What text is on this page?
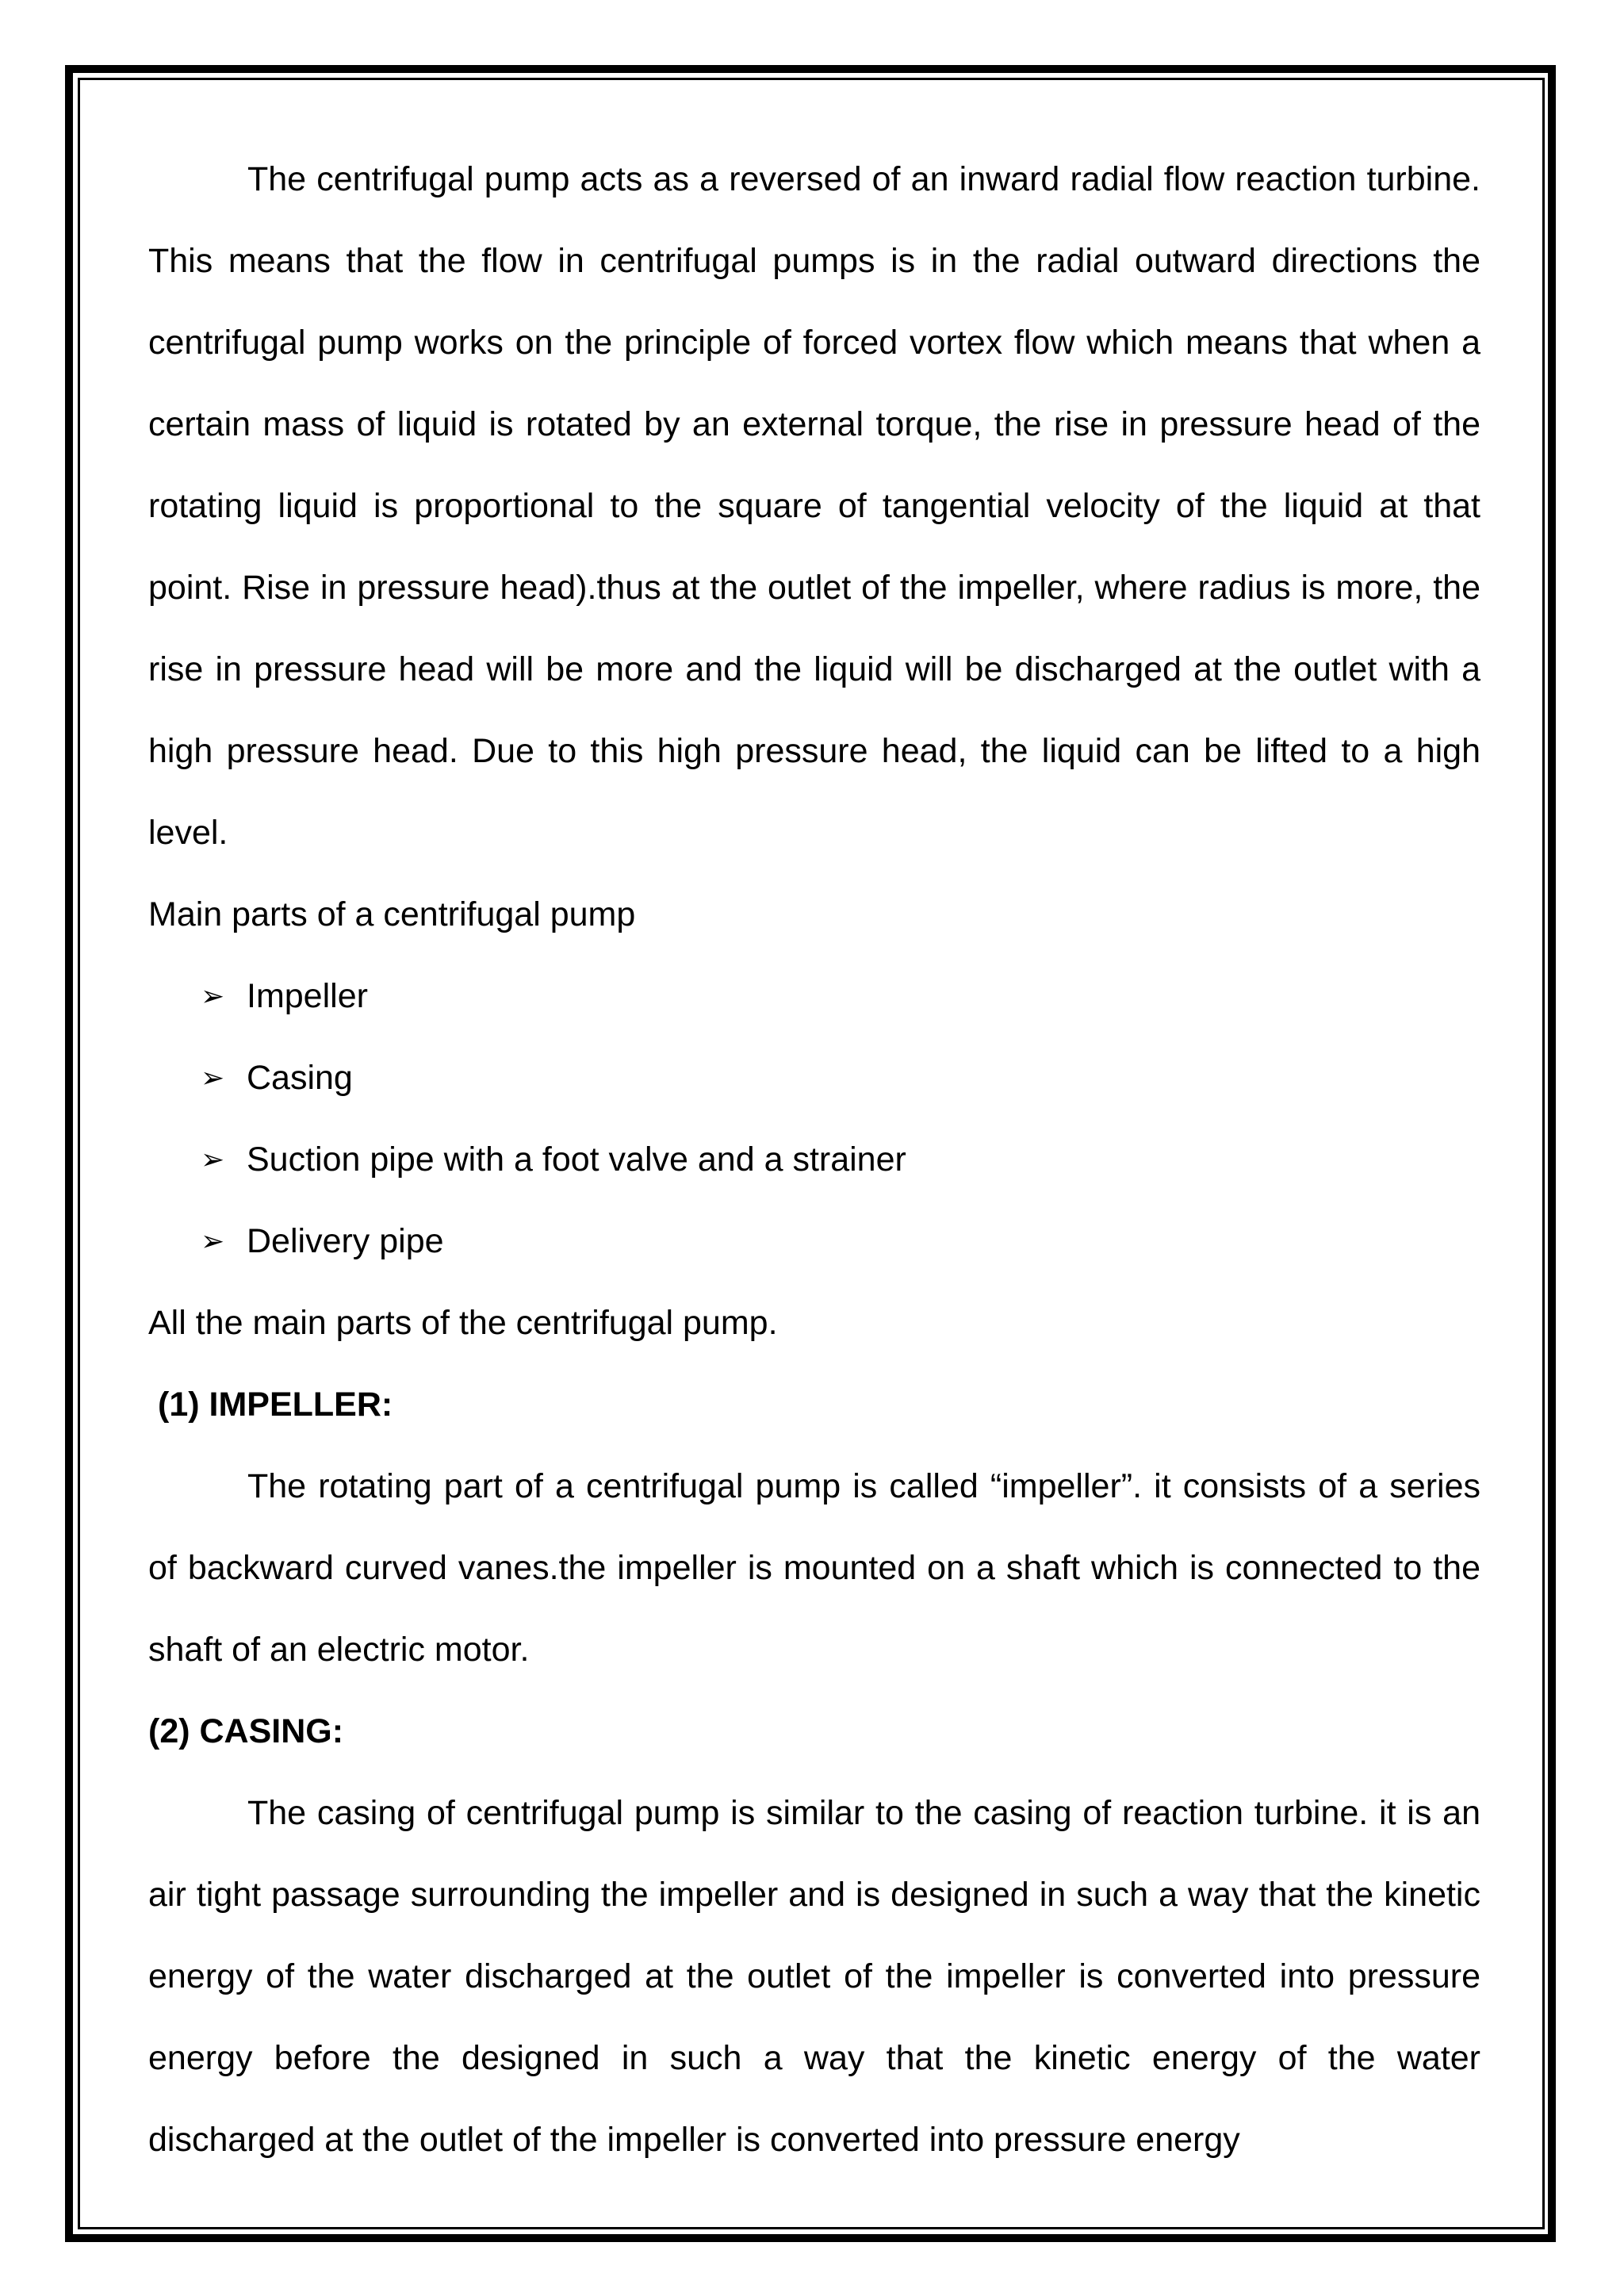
The centrifugal pump acts as a reversed of an inward radial flow reaction turbine. This means that the flow in centrifugal pumps is in the radial outward directions the centrifugal pump works on the principle of forced vortex flow which means that when a certain mass of liquid is rotated by an external torque, the rise in pressure head of the rotating liquid is proportional to the square of tangential velocity of the liquid at that point. Rise in pressure head).thus at the outlet of the impeller, where radius is more, the rise in pressure head will be more and the liquid will be discharged at the outlet with a high pressure head. Due to this high pressure head, the liquid can be lifted to a high level.

Main parts of a centrifugal pump

➢ Impeller
➢ Casing
➢ Suction pipe with a foot valve and a strainer
➢ Delivery pipe

All the main parts of the centrifugal pump.

(1) IMPELLER:

The rotating part of a centrifugal pump is called “impeller”. it consists of a series of backward curved vanes.the impeller is mounted on a shaft which is connected to the shaft of an electric motor.

(2) CASING:

The casing of centrifugal pump is similar to the casing of reaction turbine. it is an air tight passage surrounding the impeller and is designed in such a way that the kinetic energy of the water discharged at the outlet of the impeller is converted into pressure energy before the designed in such a way that the kinetic energy of the water discharged at the outlet of the impeller is converted into pressure energy
